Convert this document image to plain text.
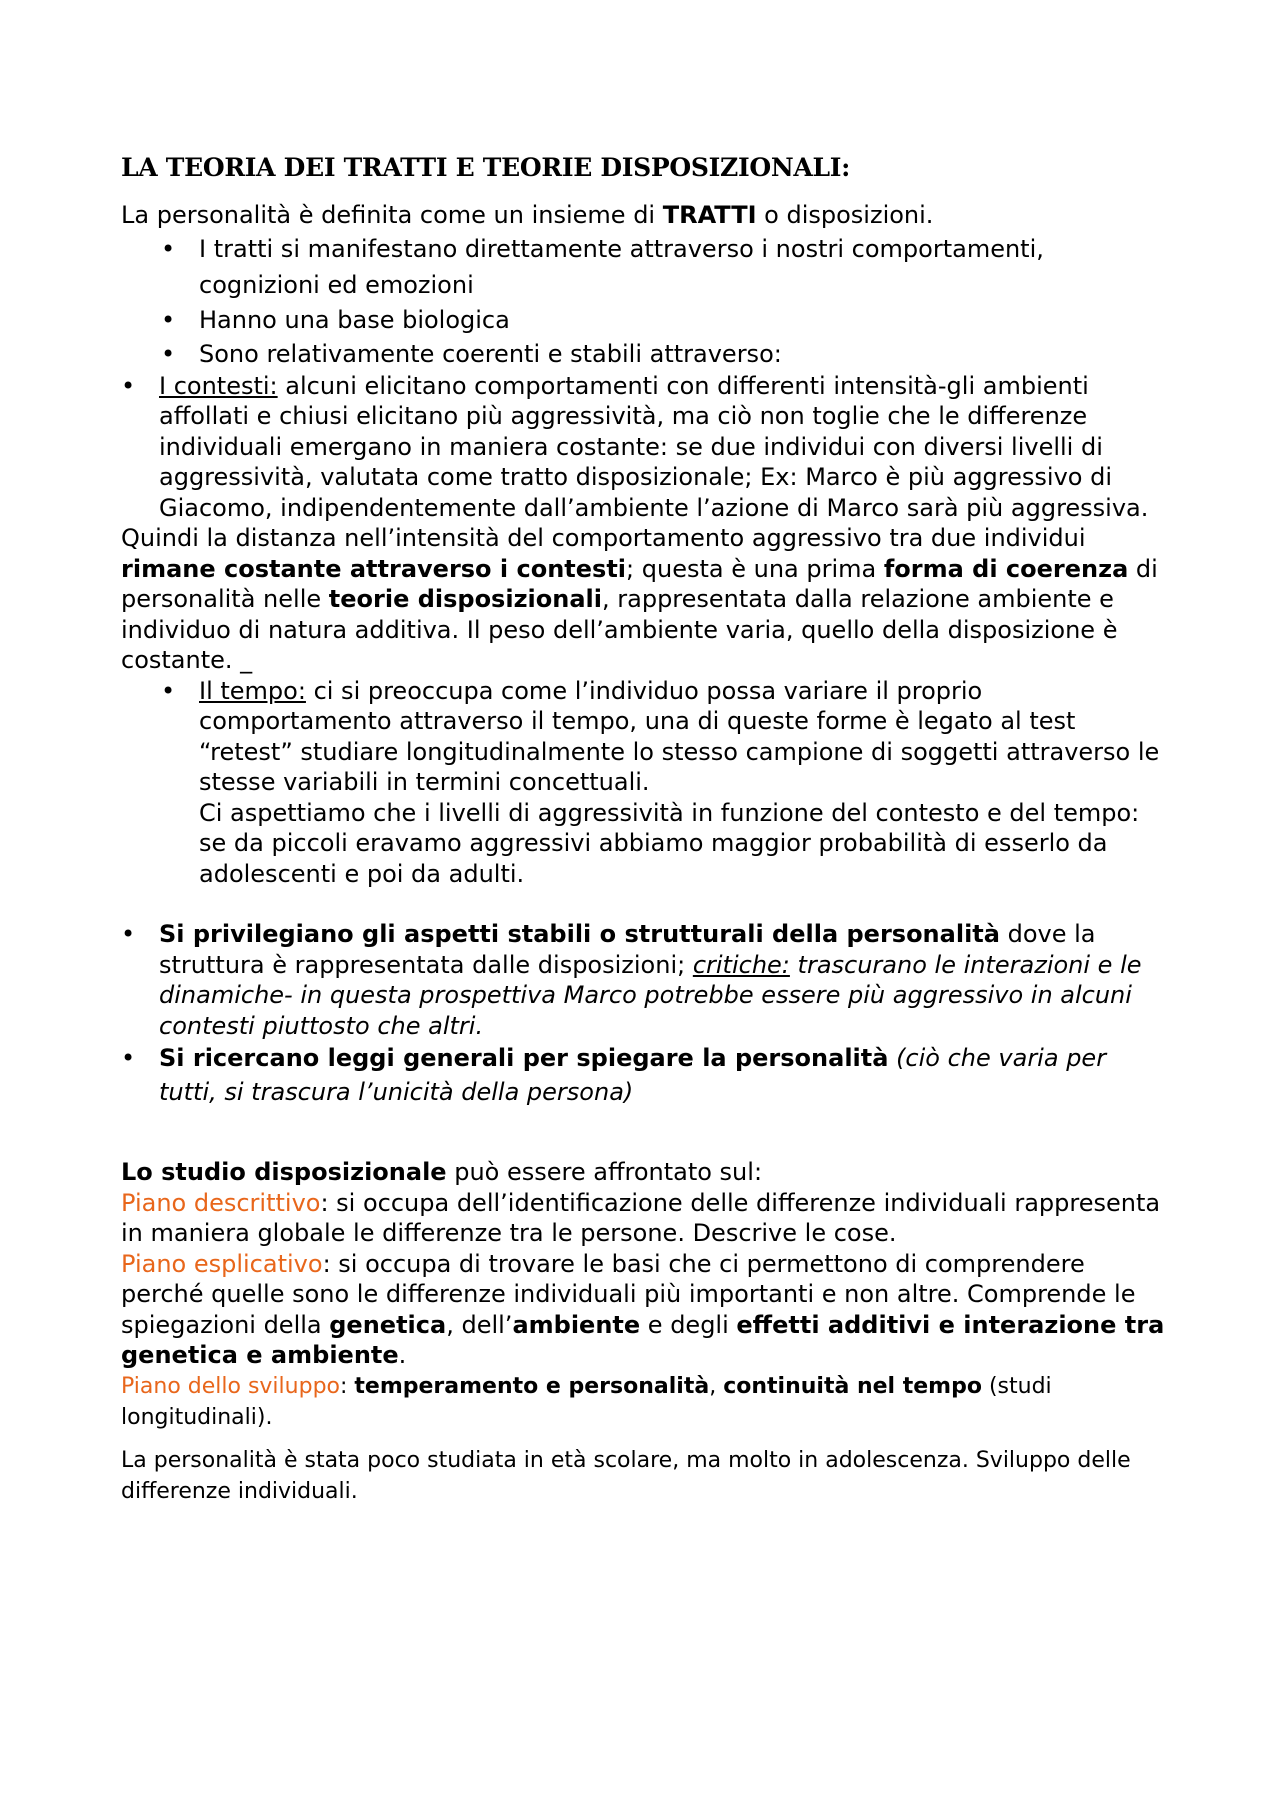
LA TEORIA DEI TRATTI E TEORIE DISPOSIZIONALI:

La personalità è definita come un insieme di TRATTI o disposizioni.

• I tratti si manifestano direttamente attraverso i nostri comportamenti, cognizioni ed emozioni
• Hanno una base biologica
• Sono relativamente coerenti e stabili attraverso:
• I contesti: alcuni elicitano comportamenti con differenti intensità-gli ambienti affollati e chiusi elicitano più aggressività, ma ciò non toglie che le differenze individuali emergano in maniera costante: se due individui con diversi livelli di aggressività, valutata come tratto disposizionale; Ex: Marco è più aggressivo di Giacomo, indipendentemente dall’ambiente l’azione di Marco sarà più aggressiva.

Quindi la distanza nell’intensità del comportamento aggressivo tra due individui rimane costante attraverso i contesti; questa è una prima forma di coerenza di personalità nelle teorie disposizionali, rappresentata dalla relazione ambiente e individuo di natura additiva. Il peso dell’ambiente varia, quello della disposizione è costante. _

• Il tempo: ci si preoccupa come l’individuo possa variare il proprio comportamento attraverso il tempo, una di queste forme è legato al test “retest” studiare longitudinalmente lo stesso campione di soggetti attraverso le stesse variabili in termini concettuali.
Ci aspettiamo che i livelli di aggressività in funzione del contesto e del tempo: se da piccoli eravamo aggressivi abbiamo maggior probabilità di esserlo da adolescenti e poi da adulti.
• Si privilegiano gli aspetti stabili o strutturali della personalità dove la struttura è rappresentata dalle disposizioni; critiche: trascurano le interazioni e le dinamiche- in questa prospettiva Marco potrebbe essere più aggressivo in alcuni contesti piuttosto che altri.
• Si ricercano leggi generali per spiegare la personalità (ciò che varia per tutti, si trascura l’unicità della persona)

Lo studio disposizionale può essere affrontato sul:

Piano descrittivo: si occupa dell’identificazione delle differenze individuali rappresenta in maniera globale le differenze tra le persone. Descrive le cose.

Piano esplicativo: si occupa di trovare le basi che ci permettono di comprendere perché quelle sono le differenze individuali più importanti e non altre. Comprende le spiegazioni della genetica, dell’ambiente e degli effetti additivi e interazione tra genetica e ambiente.

Piano dello sviluppo: temperamento e personalità, continuità nel tempo (studi longitudinali).

La personalità è stata poco studiata in età scolare, ma molto in adolescenza. Sviluppo delle differenze individuali.
